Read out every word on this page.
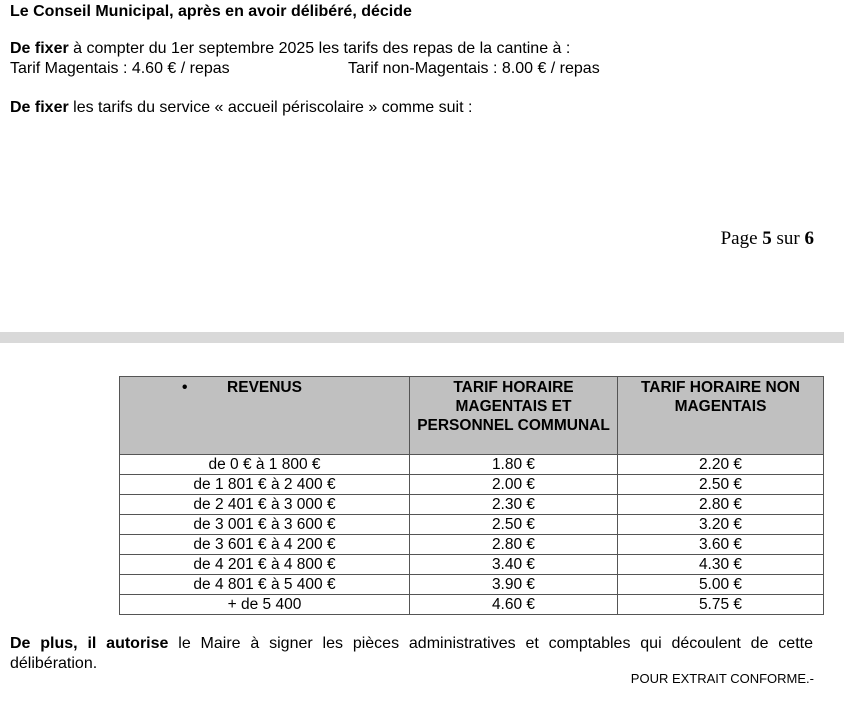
Le Conseil Municipal, après en avoir délibéré, décide
De fixer à compter du 1er septembre 2025 les tarifs des repas de la cantine à :
Tarif Magentais : 4.60 € / repas	Tarif non-Magentais : 8.00 € / repas
De fixer les tarifs du service « accueil périscolaire » comme suit :
Page 5 sur 6
• REVENUS	TARIF HORAIRE MAGENTAIS ET PERSONNEL COMMUNAL	TARIF HORAIRE NON MAGENTAIS
de 0 € à 1 800 €	1.80 €	2.20 €
de 1 801 € à 2 400 €	2.00 €	2.50 €
de 2 401 € à 3 000 €	2.30 €	2.80 €
de 3 001 € à 3 600 €	2.50 €	3.20 €
de 3 601 € à 4 200 €	2.80 €	3.60 €
de 4 201 € à 4 800 €	3.40 €	4.30 €
de 4 801 € à 5 400 €	3.90 €	5.00 €
+ de 5 400	4.60 €	5.75 €
De plus, il autorise le Maire à signer les pièces administratives et comptables qui découlent de cette délibération.
POUR EXTRAIT CONFORME.-
